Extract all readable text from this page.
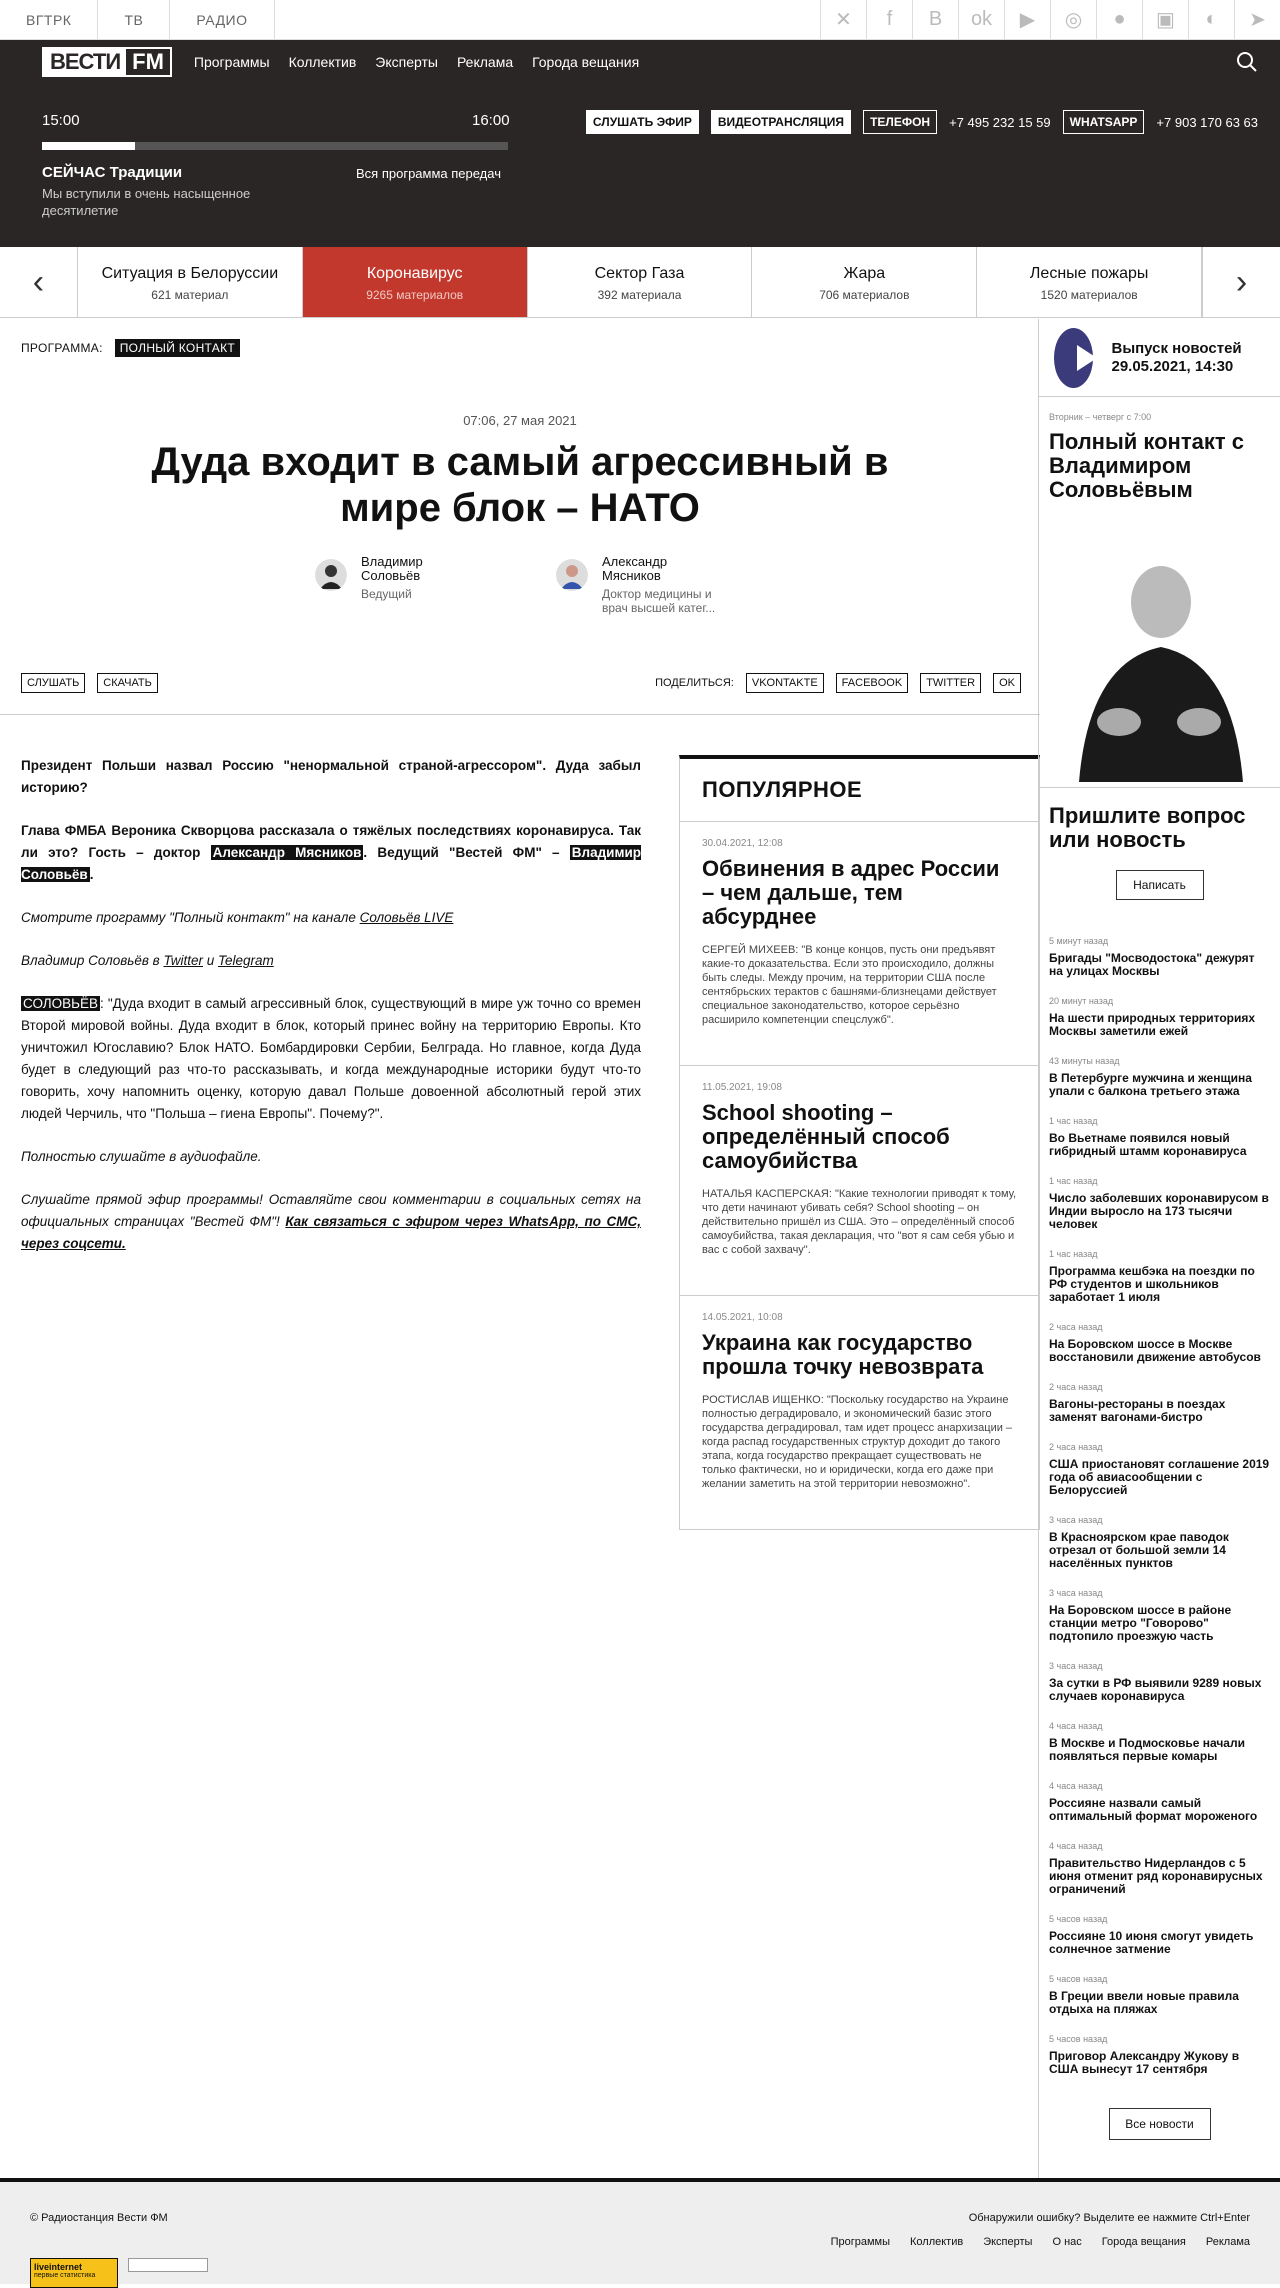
ВГТРК	ТВ	РАДИО	✕	f	B	ok	▶	◎	●	▣	◐	➤
ВЕСТИ FM	Программы Коллектив Эксперты Реклама Города вещания
15:00	16:00
СЕЙЧАС Традиции
Мы вступили в очень насыщенное десятилетие
Вся программа передач
СЛУШАТЬ ЭФИР	ВИДЕОТРАНСЛЯЦИЯ	ТЕЛЕФОН	+7 495 232 15 59	WHATSAPP	+7 903 170 63 63
‹	Ситуация в Белоруссии
621 материал
Коронавирус
9265 материалов
Сектор Газа
392 материала
Жара
706 материалов
Лесные пожары
1520 материалов	›
ПРОГРАММА: ПОЛНЫЙ КОНТАКТ
07:06, 27 мая 2021
Дуда входит в самый агрессивный в мире блок – НАТО
Владимир Соловьёв
Ведущий
Александр Мясников
Доктор медицины и врач высшей катег...
СЛУШАТЬ	СКАЧАТЬ	ПОДЕЛИТЬСЯ:	VKONTAKTE	FACEBOOK	TWITTER	OK

Президент Польши назвал Россию "ненормальной страной-агрессором". Дуда забыл историю?

Глава ФМБА Вероника Скворцова рассказала о тяжёлых последствиях коронавируса. Так ли это? Гость – доктор Александр Мясников . Ведущий "Вестей ФМ" – Владимир Соловьёв .

Смотрите программу "Полный контакт" на канале Соловьёв LIVE

Владимир Соловьёв в Twitter и Telegram

СОЛОВЬЁВ : "Дуда входит в самый агрессивный блок, существующий в мире уж точно со времен Второй мировой войны. Дуда входит в блок, который принес войну на территорию Европы. Кто уничтожил Югославию? Блок НАТО. Бомбардировки Сербии, Белграда. Но главное, когда Дуда будет в следующий раз что-то рассказывать, и когда международные историки будут что-то говорить, хочу напомнить оценку, которую давал Польше довоенной абсолютный герой этих людей Черчиль, что "Польша – гиена Европы". Почему?".

Полностью слушайте в аудиофайле.

Слушайте прямой эфир программы! Оставляйте свои комментарии в социальных сетях на официальных страницах "Вестей ФМ"! Как связаться с эфиром через WhatsApp, по СМС, через соцсети.

ПОПУЛЯРНОЕ
30.04.2021, 12:08
Обвинения в адрес России – чем дальше, тем абсурднее
СЕРГЕЙ МИХЕЕВ: "В конце концов, пусть они предъявят какие-то доказательства. Если это происходило, должны быть следы. Между прочим, на территории США после сентябрьских терактов с башнями-близнецами действует специальное законодательство, которое серьёзно расширило компетенции спецслужб".
11.05.2021, 19:08
School shooting – определённый способ самоубийства
НАТАЛЬЯ КАСПЕРСКАЯ: "Какие технологии приводят к тому, что дети начинают убивать себя? School shooting – он действительно пришёл из США. Это – определённый способ самоубийства, такая декларация, что "вот я сам себя убью и вас с собой захвачу".
14.05.2021, 10:08
Украина как государство прошла точку невозврата
РОСТИСЛАВ ИЩЕНКО: "Поскольку государство на Украине полностью деградировало, и экономический базис этого государства деградировал, там идет процесс анархизации – когда распад государственных структур доходит до такого этапа, когда государство прекращает существовать не только фактически, но и юридически, когда его даже при желании заметить на этой территории невозможно".
Выпуск новостей 29.05.2021, 14:30
Вторник – четверг с 7:00
Полный контакт с Владимиром Соловьёвым
Пришлите вопрос или новость
Написать
5 минут назад
Бригады "Мосводостока" дежурят на улицах Москвы
20 минут назад
На шести природных территориях Москвы заметили ежей
43 минуты назад
В Петербурге мужчина и женщина упали с балкона третьего этажа
1 час назад
Во Вьетнаме появился новый гибридный штамм коронавируса
1 час назад
Число заболевших коронавирусом в Индии выросло на 173 тысячи человек
1 час назад
Программа кешбэка на поездки по РФ студентов и школьников заработает 1 июля
2 часа назад
На Боровском шоссе в Москве восстановили движение автобусов
2 часа назад
Вагоны-рестораны в поездах заменят вагонами-бистро
2 часа назад
США приостановят соглашение 2019 года об авиасообщении с Белоруссией
3 часа назад
В Красноярском крае паводок отрезал от большой земли 14 населённых пунктов
3 часа назад
На Боровском шоссе в районе станции метро "Говорово" подтопило проезжую часть
3 часа назад
За сутки в РФ выявили 9289 новых случаев коронавируса
4 часа назад
В Москве и Подмосковье начали появляться первые комары
4 часа назад
Россияне назвали самый оптимальный формат мороженого
4 часа назад
Правительство Нидерландов с 5 июня отменит ряд коронавирусных ограничений
5 часов назад
Россияне 10 июня смогут увидеть солнечное затмение
5 часов назад
В Греции ввели новые правила отдыха на пляжах
5 часов назад
Приговор Александру Жукову в США вынесут 17 сентября
Все новости
© Радиостанция Вести ФМ	Обнаружили ошибку? Выделите ее нажмите Ctrl+Enter
Программы Коллектив Эксперты О нас Города вещания Реклама
liveinternet
первые статистика
